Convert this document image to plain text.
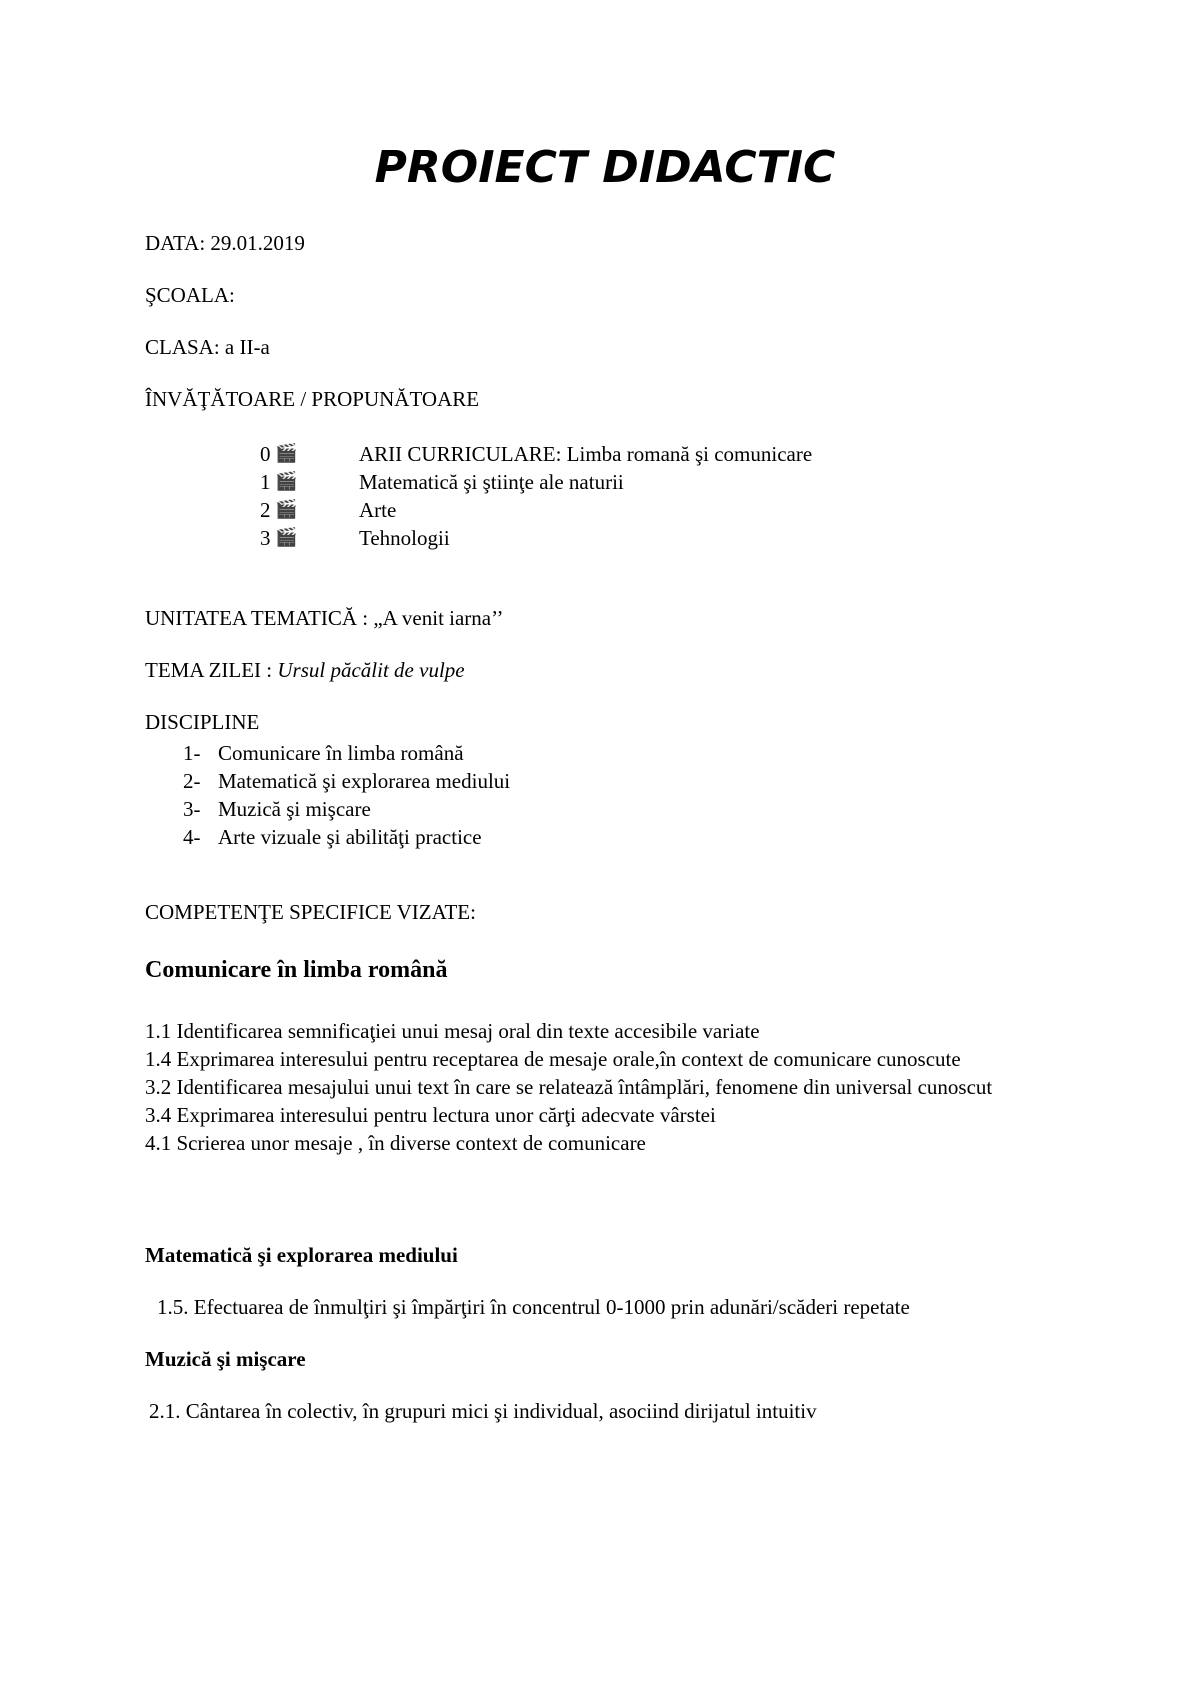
PROIECT DIDACTIC
DATA: 29.01.2019
ŞCOALA:
CLASA: a II-a
ÎNVĂŢĂTOARE / PROPUNĂTOARE
0 🎬	ARII CURRICULARE: Limba romană şi comunicare
1 🎬	Matematică şi ştiinţe ale naturii
2 🎬	Arte
3 🎬	Tehnologii
UNITATEA TEMATICĂ : „A venit iarna’’
TEMA ZILEI : Ursul păcălit de vulpe
DISCIPLINE
1- Comunicare în limba română
2- Matematică şi explorarea mediului
3- Muzică şi mişcare
4- Arte vizuale şi abilităţi practice
COMPETENŢE SPECIFICE VIZATE:
Comunicare în limba română

1.1 Identificarea semnificaţiei unui mesaj oral din texte accesibile variate

1.4 Exprimarea interesului pentru receptarea de mesaje orale,în context de comunicare cunoscute

3.2 Identificarea mesajului unui text în care se relatează întâmplări, fenomene din universal cunoscut

3.4 Exprimarea interesului pentru lectura unor cărţi adecvate vârstei

4.1 Scrierea unor mesaje , în diverse context de comunicare

Matematică şi explorarea mediului
1.5. Efectuarea de înmulţiri şi împărţiri în concentrul 0-1000 prin adunări/scăderi repetate
Muzică şi mişcare
2.1. Cântarea în colectiv, în grupuri mici şi individual, asociind dirijatul intuitiv
